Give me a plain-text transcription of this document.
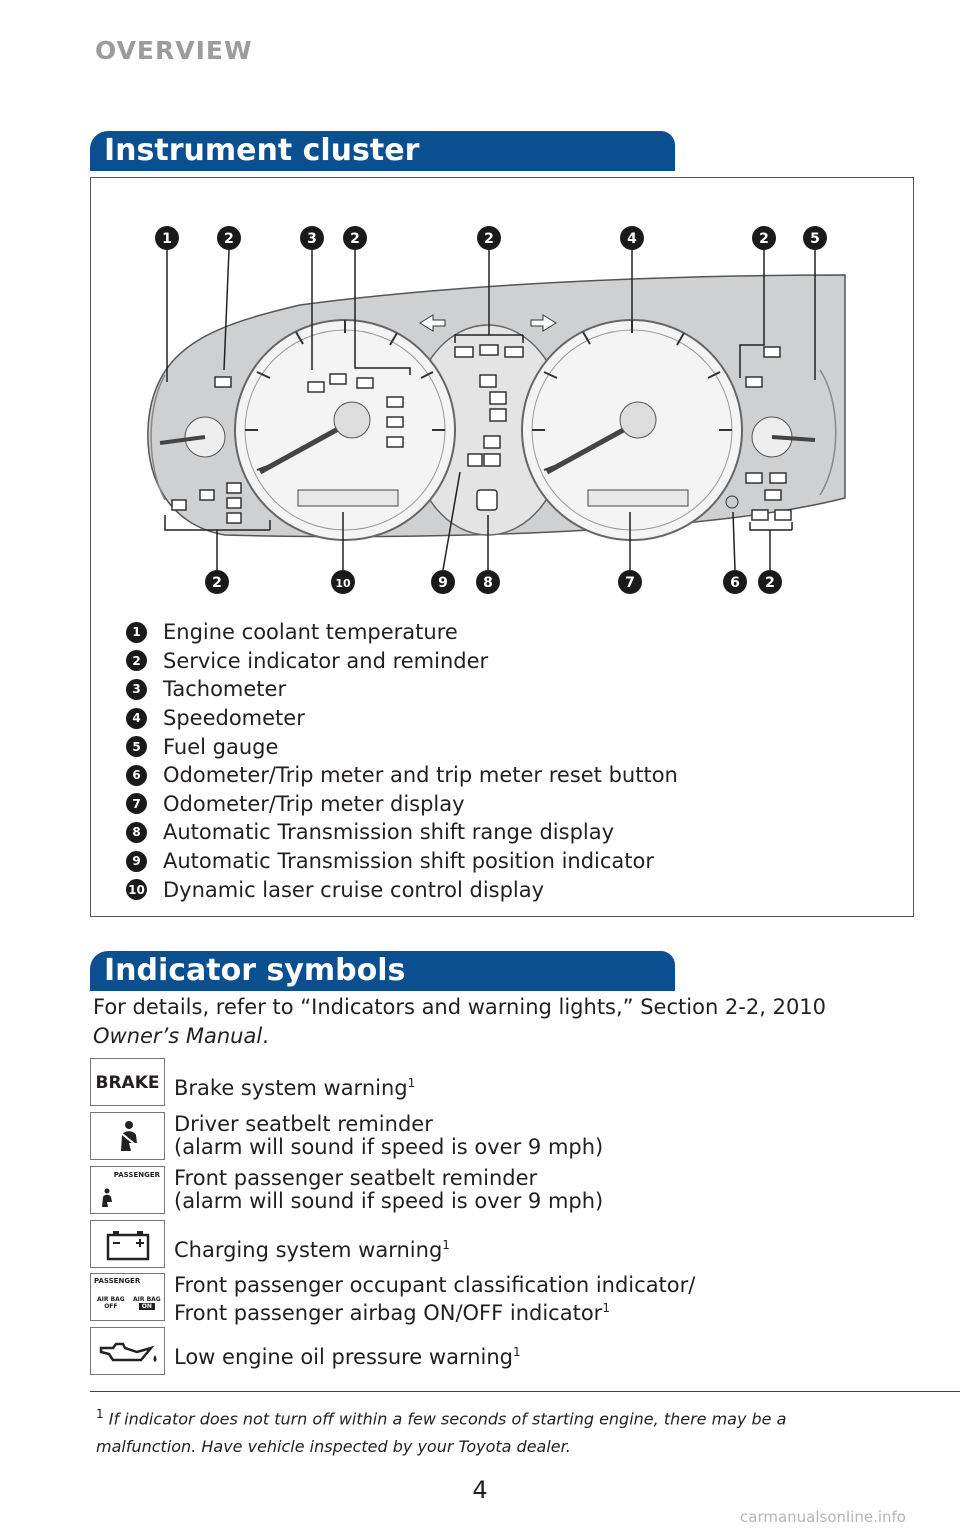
OVERVIEW
Instrument cluster
1	2	3 2	2	4	2	5
2	10	9	8	7	6 2
1	Engine coolant temperature
2	Service indicator and reminder
3	Tachometer
4	Speedometer
5	Fuel gauge
6	Odometer/Trip meter and trip meter reset button
7	Odometer/Trip meter display
8	Automatic Transmission shift range display
9	Automatic Transmission shift position indicator
10 Dynamic laser cruise control display
Indicator symbols
For details, refer to “Indicators and warning lights,” Section 2-2, 2010
Owner’s Manual.
BRAKE Brake system warning$^1$
Driver seatbelt reminder
(alarm will sound if speed is over 9 mph)
PASSENGER Front passenger seatbelt reminder
(alarm will sound if speed is over 9 mph)
Charging system warning$^1$
PASSENGER
AIR BAG
OFF
AIR BAG
ON
Front passenger occupant classification indicator/
Front passenger airbag ON/OFF indicator$^1$
Low engine oil pressure warning$^1$
$^1$ If indicator does not turn off within a few seconds of starting engine, there may be a malfunction. Have vehicle inspected by your Toyota dealer.
4
carmanualsonline.info
